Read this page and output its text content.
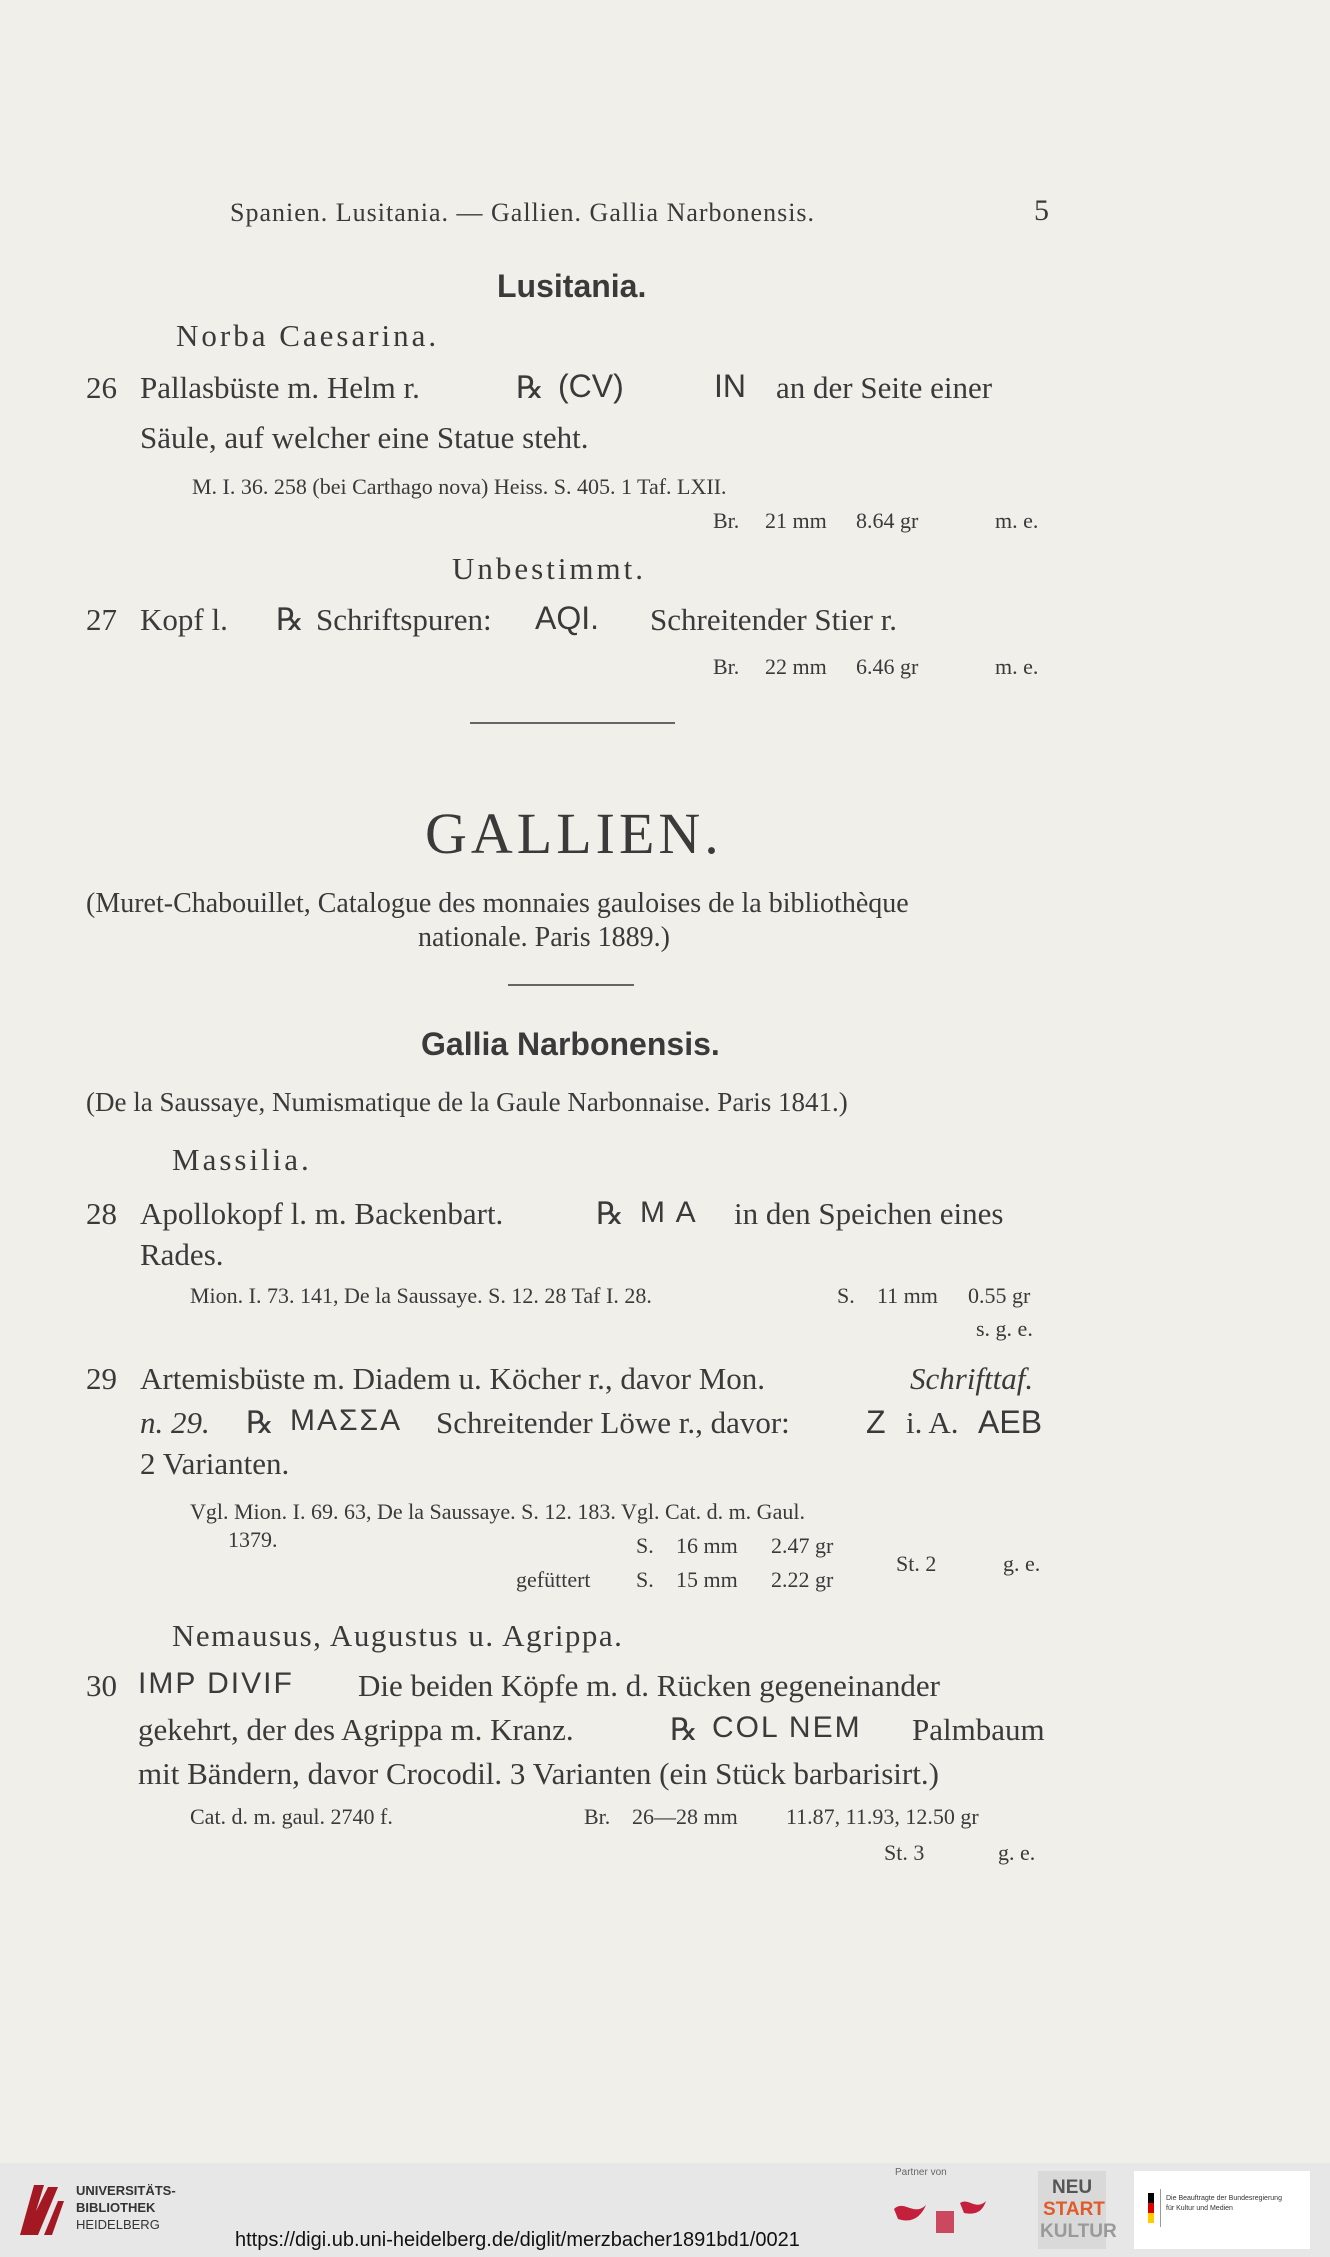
Spanien. Lusitania. — Gallien. Gallia Narbonensis.	5
Lusitania.
Norba Caesarina.
26 Pallasbüste m. Helm r.	℞ (CV)	IN an der Seite einer
Säule, auf welcher eine Statue steht.
M. I. 36. 258 (bei Carthago nova) Heiss. S. 405. 1 Taf. LXII.
Br. 21 mm 8.64 gr	m. e.
Unbestimmt.
27 Kopf l. ℞ Schriftspuren: AQI. Schreitender Stier r.
Br. 22 mm 6.46 gr	m. e.
GALLIEN.
(Muret-Chabouillet, Catalogue des monnaies gauloises de la bibliothèque
nationale. Paris 1889.)
Gallia Narbonensis.
(De la Saussaye, Numismatique de la Gaule Narbonnaise. Paris 1841.)
Massilia.
28 Apollokopf l. m. Backenbart.	℞ M A in den Speichen eines
Rades.
Mion. I. 73. 141, De la Saussaye. S. 12. 28 Taf I. 28.	S. 11 mm 0.55 gr
s. g. e.
29 Artemisbüste m. Diadem u. Köcher r., davor Mon.	Schrifttaf.
n. 29. ℞ ΜΑΣΣΑ Schreitender Löwe r., davor: Z i. A. AEB
2 Varianten.
Vgl. Mion. I. 69. 63, De la Saussaye. S. 12. 183. Vgl. Cat. d. m. Gaul.
1379.	S. 16 mm 2.47 gr
gefüttert S. 15 mm 2.22 gr
St. 2	g. e.
Nemausus, Augustus u. Agrippa.
30 IMP DIVIF Die beiden Köpfe m. d. Rücken gegeneinander
gekehrt, der des Agrippa m. Kranz.	℞ COL NEM Palmbaum
mit Bändern, davor Crocodil. 3 Varianten (ein Stück barbarisirt.)
Cat. d. m. gaul. 2740 f.	Br. 26—28 mm 11.87, 11.93, 12.50 gr
St. 3	g. e.
UNIVERSITÄTS-
BIBLIOTHEK
HEIDELBERG
https://digi.ub.uni-heidelberg.de/diglit/merzbacher1891bd1/0021
Partner von
NEU
START
KULTUR
Die Beauftragte der Bundesregierung
für Kultur und Medien
